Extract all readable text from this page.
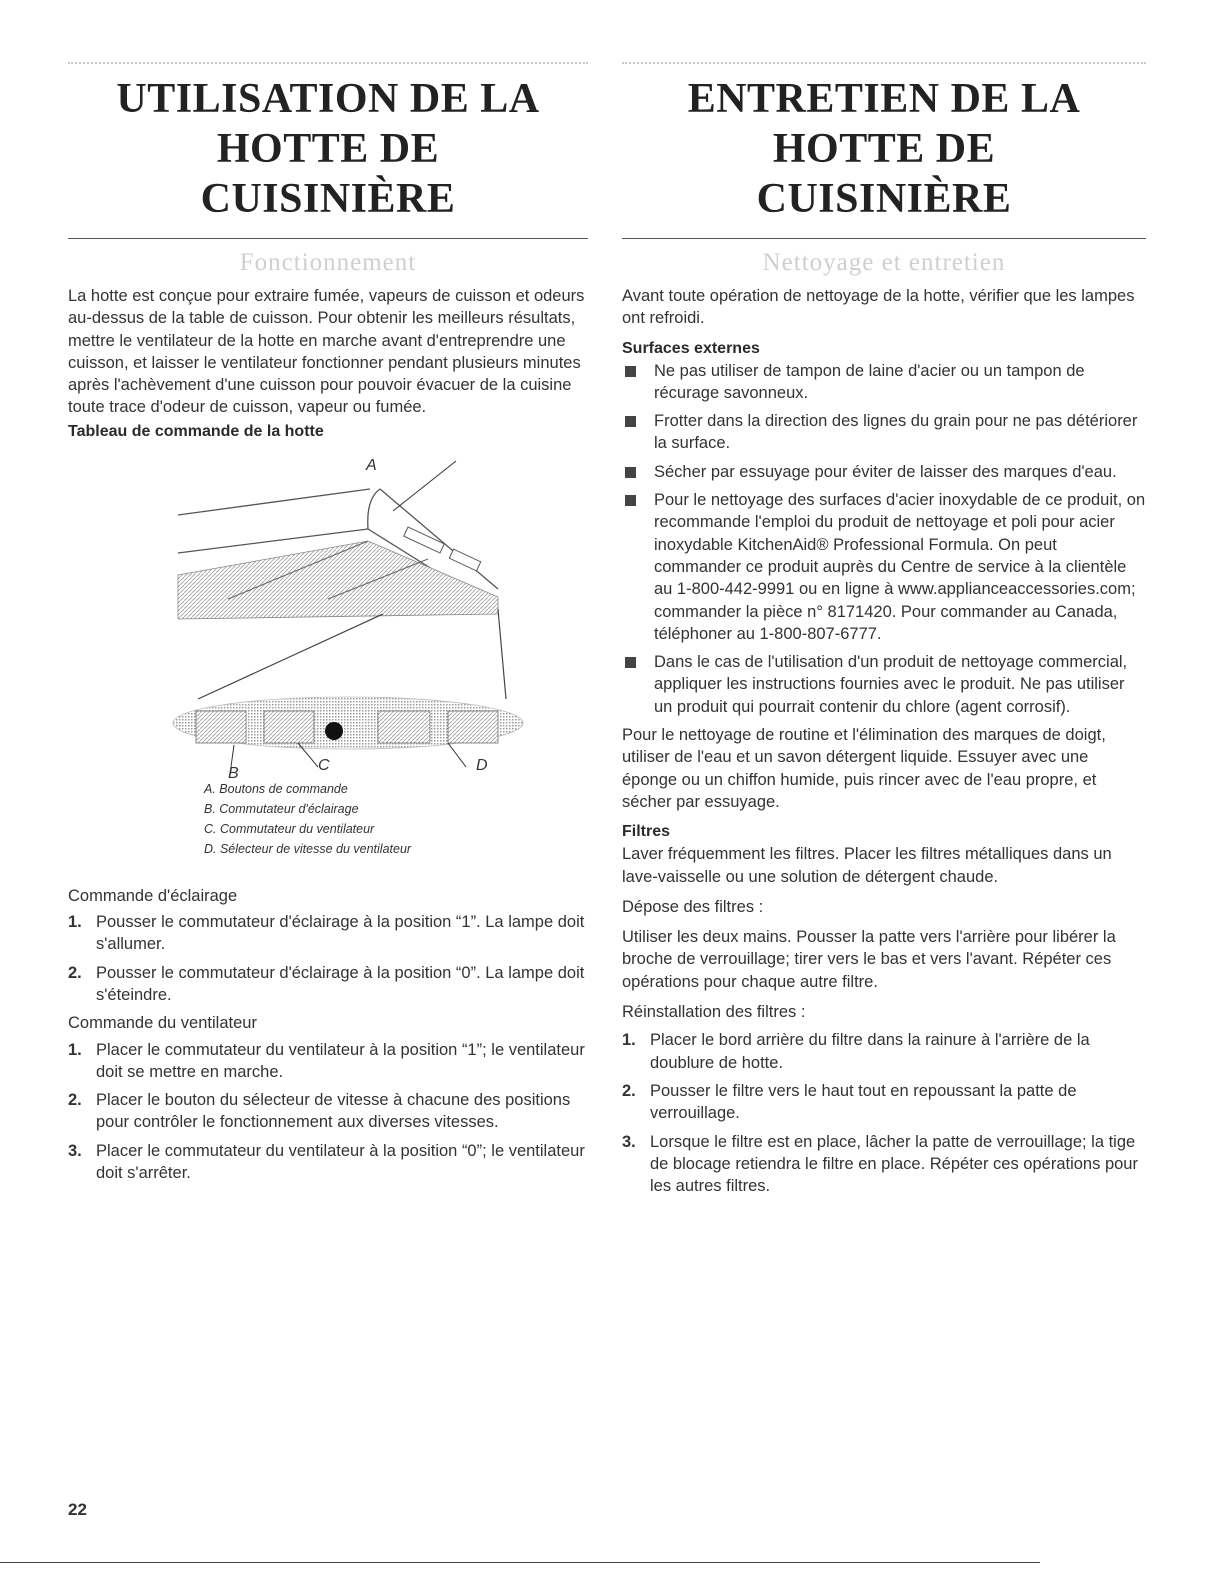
UTILISATION DE LA HOTTE DE
CUISINIÈRE
Fonctionnement

La hotte est conçue pour extraire fumée, vapeurs de cuisson et odeurs au-dessus de la table de cuisson. Pour obtenir les meilleurs résultats, mettre le ventilateur de la hotte en marche avant d'entreprendre une cuisson, et laisser le ventilateur fonctionner pendant plusieurs minutes après l'achèvement d'une cuisson pour pouvoir évacuer de la cuisine toute trace d'odeur de cuisson, vapeur ou fumée.

Tableau de commande de la hotte

A
B	C	D

A. Boutons de commande

B. Commutateur d'éclairage

C. Commutateur du ventilateur

D. Sélecteur de vitesse du ventilateur

Commande d'éclairage

1. Pousser le commutateur d'éclairage à la position “1”. La lampe doit s'allumer.
2. Pousser le commutateur d'éclairage à la position “0”. La lampe doit s'éteindre.

Commande du ventilateur

1. Placer le commutateur du ventilateur à la position “1”; le ventilateur doit se mettre en marche.
2. Placer le bouton du sélecteur de vitesse à chacune des positions pour contrôler le fonctionnement aux diverses vitesses.
3. Placer le commutateur du ventilateur à la position “0”; le ventilateur doit s'arrêter.
ENTRETIEN DE LA HOTTE DE
CUISINIÈRE
Nettoyage et entretien

Avant toute opération de nettoyage de la hotte, vérifier que les lampes ont refroidi.

Surfaces externes

Ne pas utiliser de tampon de laine d'acier ou un tampon de récurage savonneux.
Frotter dans la direction des lignes du grain pour ne pas détériorer la surface.
Sécher par essuyage pour éviter de laisser des marques d'eau.
Pour le nettoyage des surfaces d'acier inoxydable de ce produit, on recommande l'emploi du produit de nettoyage et poli pour acier inoxydable KitchenAid® Professional Formula. On peut commander ce produit auprès du Centre de service à la clientèle au 1-800-442-9991 ou en ligne à www.applianceaccessories.com; commander la pièce n° 8171420. Pour commander au Canada, téléphoner au 1-800-807-6777.
Dans le cas de l'utilisation d'un produit de nettoyage commercial, appliquer les instructions fournies avec le produit. Ne pas utiliser un produit qui pourrait contenir du chlore (agent corrosif).

Pour le nettoyage de routine et l'élimination des marques de doigt, utiliser de l'eau et un savon détergent liquide. Essuyer avec une éponge ou un chiffon humide, puis rincer avec de l'eau propre, et sécher par essuyage.

Filtres

Laver fréquemment les filtres. Placer les filtres métalliques dans un lave-vaisselle ou une solution de détergent chaude.

Dépose des filtres :

Utiliser les deux mains. Pousser la patte vers l'arrière pour libérer la broche de verrouillage; tirer vers le bas et vers l'avant. Répéter ces opérations pour chaque autre filtre.

Réinstallation des filtres :

1. Placer le bord arrière du filtre dans la rainure à l'arrière de la doublure de hotte.
2. Pousser le filtre vers le haut tout en repoussant la patte de verrouillage.
3. Lorsque le filtre est en place, lâcher la patte de verrouillage; la tige de blocage retiendra le filtre en place. Répéter ces opérations pour les autres filtres.
22
